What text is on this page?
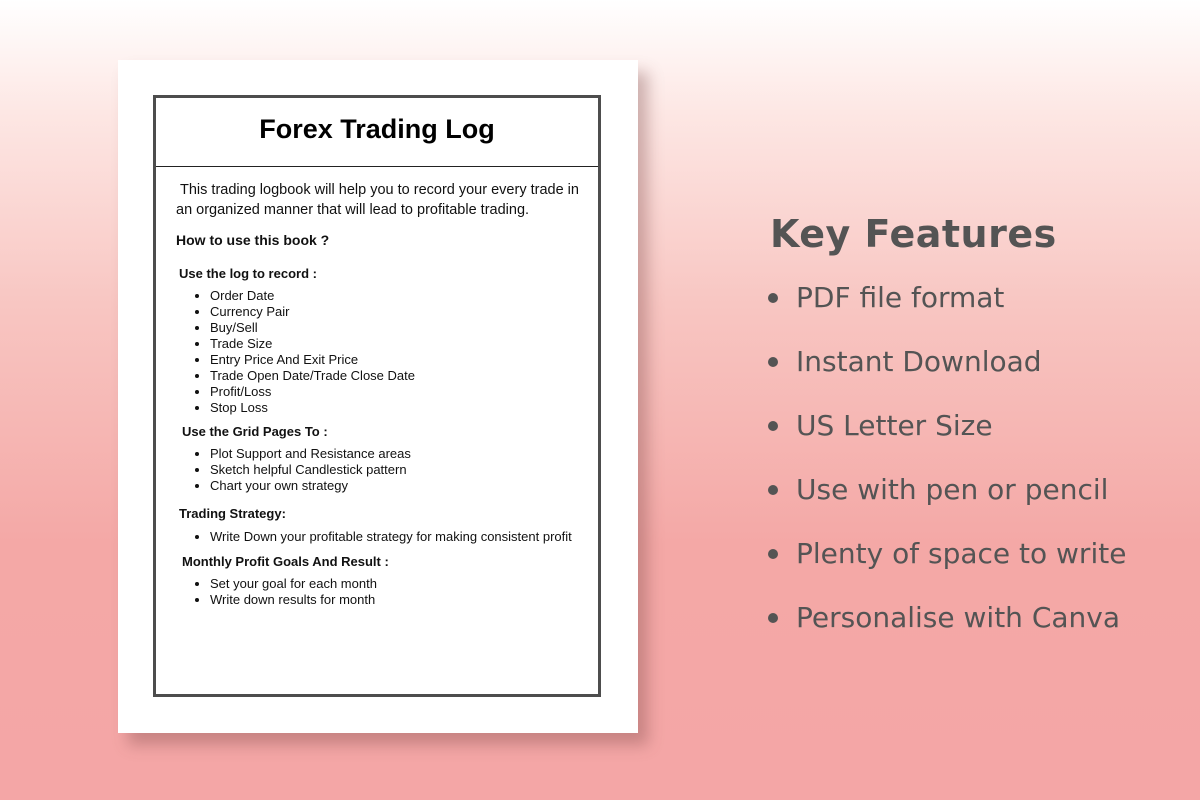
Forex Trading Log

This trading logbook will help you to record your every trade in an organized manner that will lead to profitable trading.

How to use this book ?
Use the log to record :
• Order Date
• Currency Pair
• Buy/Sell
• Trade Size
• Entry Price And Exit Price
• Trade Open Date/Trade Close Date
• Profit/Loss
• Stop Loss
Use the Grid Pages To :
• Plot Support and Resistance areas
• Sketch helpful Candlestick pattern
• Chart your own strategy
Trading Strategy:
• Write Down your profitable strategy for making consistent profit
Monthly Profit Goals And Result :
• Set your goal for each month
• Write down results for month
Key Features
PDF file format
Instant Download
US Letter Size
Use with pen or pencil
Plenty of space to write
Personalise with Canva
